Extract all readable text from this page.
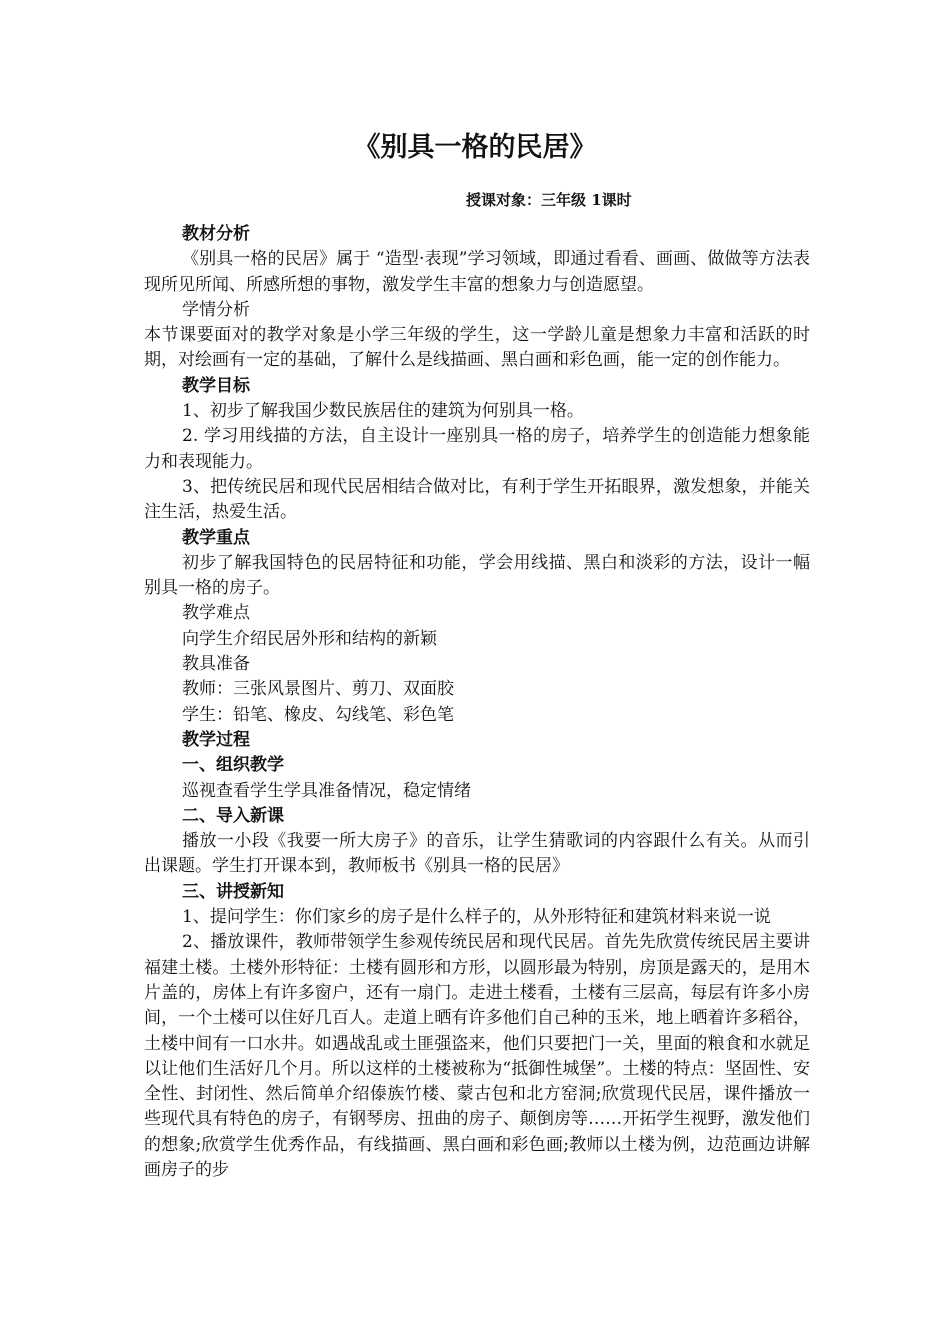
《别具一格的民居》
授课对象：三年级 1课时

教材分析

《别具一格的民居》属于 “造型·表现”学习领域，即通过看看、画画、做做等方法表现所见所闻、所感所想的事物，激发学生丰富的想象力与创造愿望。

学情分析

本节课要面对的教学对象是小学三年级的学生，这一学龄儿童是想象力丰富和活跃的时期，对绘画有一定的基础，了解什么是线描画、黑白画和彩色画，能一定的创作能力。

教学目标

1、初步了解我国少数民族居住的建筑为何别具一格。

2. 学习用线描的方法，自主设计一座别具一格的房子，培养学生的创造能力想象能力和表现能力。

3、把传统民居和现代民居相结合做对比，有利于学生开拓眼界，激发想象，并能关注生活，热爱生活。

教学重点

初步了解我国特色的民居特征和功能，学会用线描、黑白和淡彩的方法，设计一幅别具一格的房子。

教学难点

向学生介绍民居外形和结构的新颖

教具准备

教师：三张风景图片、剪刀、双面胶

学生：铅笔、橡皮、勾线笔、彩色笔

教学过程

一、组织教学

巡视查看学生学具准备情况，稳定情绪

二、导入新课

播放一小段《我要一所大房子》的音乐，让学生猜歌词的内容跟什么有关。从而引出课题。学生打开课本到，教师板书《别具一格的民居》

三、讲授新知

1、提问学生：你们家乡的房子是什么样子的，从外形特征和建筑材料来说一说

2、播放课件，教师带领学生参观传统民居和现代民居。首先先欣赏传统民居主要讲福建土楼。土楼外形特征：土楼有圆形和方形，以圆形最为特别，房顶是露天的，是用木片盖的，房体上有许多窗户，还有一扇门。走进土楼看，土楼有三层高，每层有许多小房间，一个土楼可以住好几百人。走道上晒有许多他们自己种的玉米，地上晒着许多稻谷，土楼中间有一口水井。如遇战乱或土匪强盗来，他们只要把门一关，里面的粮食和水就足以让他们生活好几个月。所以这样的土楼被称为“抵御性城堡”。土楼的特点：坚固性、安全性、封闭性、然后简单介绍傣族竹楼、蒙古包和北方窑洞;欣赏现代民居，课件播放一些现代具有特色的房子，有钢琴房、扭曲的房子、颠倒房等……开拓学生视野，激发他们的想象;欣赏学生优秀作品，有线描画、黑白画和彩色画;教师以土楼为例，边范画边讲解画房子的步
